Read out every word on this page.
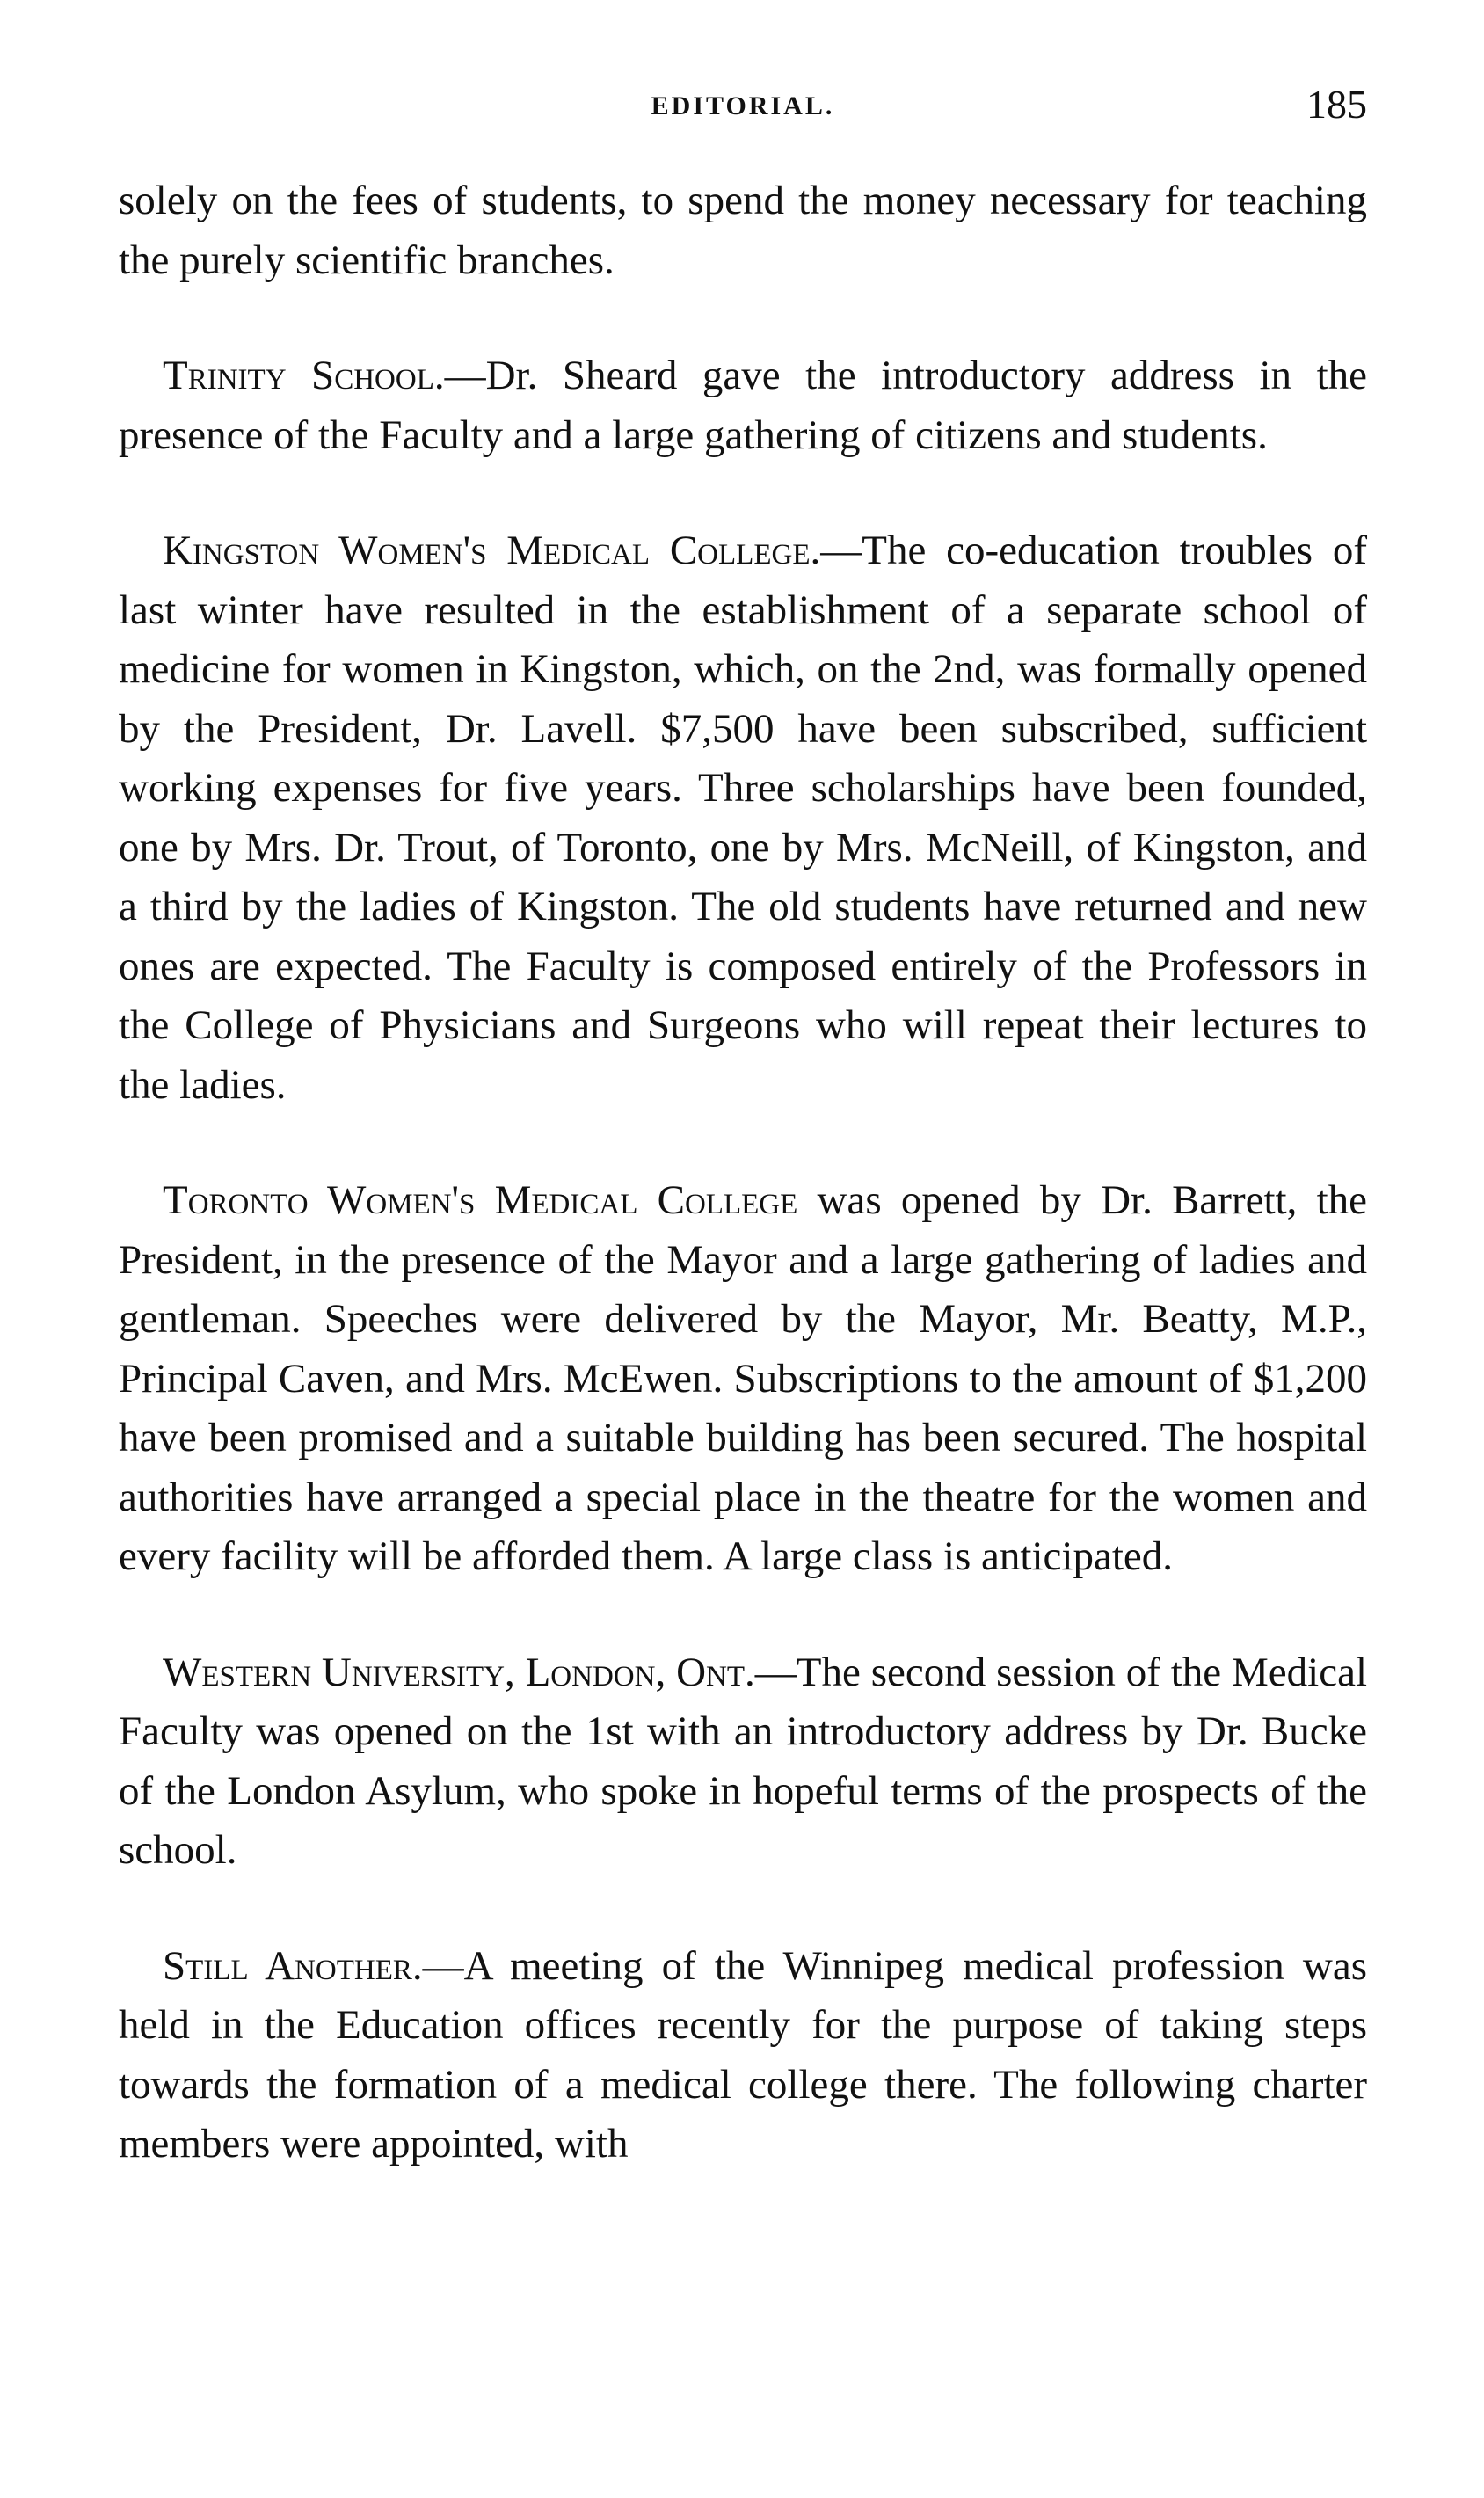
EDITORIAL.	185

solely on the fees of students, to spend the money necessary for teaching the purely scientific branches.

Trinity School.—Dr. Sheard gave the introductory address in the presence of the Faculty and a large gathering of citizens and students.

Kingston Women's Medical College.—The co-education troubles of last winter have resulted in the establishment of a separate school of medicine for women in Kingston, which, on the 2nd, was formally opened by the President, Dr. Lavell. $7,500 have been subscribed, sufficient working expenses for five years. Three scholarships have been founded, one by Mrs. Dr. Trout, of Toronto, one by Mrs. McNeill, of Kingston, and a third by the ladies of Kingston. The old students have returned and new ones are expected. The Faculty is composed entirely of the Professors in the College of Physicians and Surgeons who will repeat their lectures to the ladies.

Toronto Women's Medical College was opened by Dr. Barrett, the President, in the presence of the Mayor and a large gathering of ladies and gentleman. Speeches were delivered by the Mayor, Mr. Beatty, M.P., Principal Caven, and Mrs. McEwen. Subscriptions to the amount of $1,200 have been promised and a suitable building has been secured. The hospital authorities have arranged a special place in the theatre for the women and every facility will be afforded them. A large class is anticipated.

Western University, London, Ont.—The second session of the Medical Faculty was opened on the 1st with an introductory address by Dr. Bucke of the London Asylum, who spoke in hopeful terms of the prospects of the school.

Still Another.—A meeting of the Winnipeg medical profession was held in the Education offices recently for the purpose of taking steps towards the formation of a medical college there. The following charter members were appointed, with
